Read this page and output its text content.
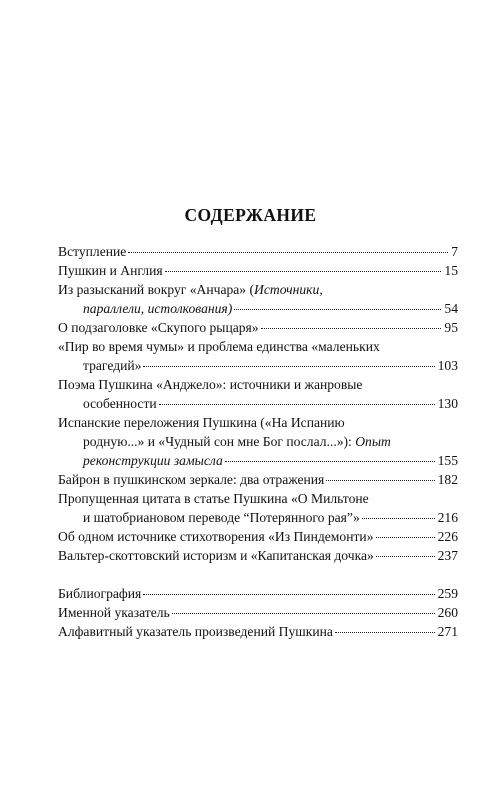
СОДЕРЖАНИЕ
Вступление	7
Пушкин и Англия	15
Из разысканий вокруг «Анчара» (Источники,
параллели, истолкования)	54
О подзаголовке «Скупого рыцаря»	95
«Пир во время чумы» и проблема единства «маленьких
трагедий»	103
Поэма Пушкина «Анджело»: источники и жанровые
особенности	130
Испанские переложения Пушкина («На Испанию
родную...» и «Чудный сон мне Бог послал...»): Опыт
реконструкции замысла	155
Байрон в пушкинском зеркале: два отражения	182
Пропущенная цитата в статье Пушкина «О Мильтоне
и шатобриановом переводе “Потерянного рая”»	216
Об одном источнике стихотворения «Из Пиндемонти»	226
Вальтер-скоттовский историзм и «Капитанская дочка»	237
Библиография	259
Именной указатель	260
Алфавитный указатель произведений Пушкина	271
